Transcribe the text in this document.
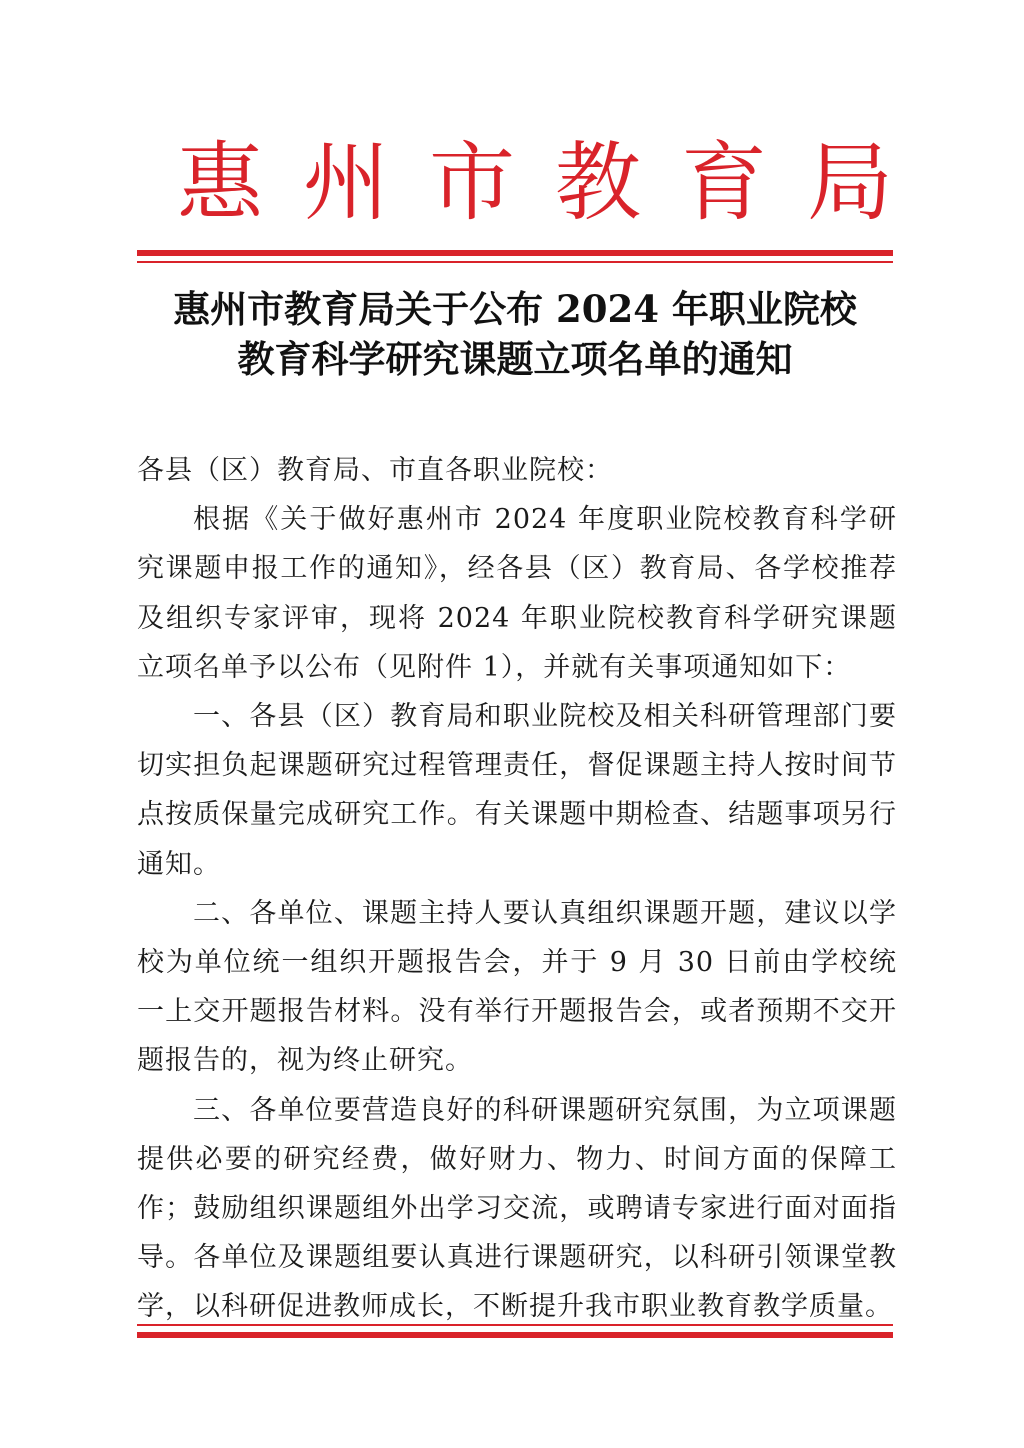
惠州市教育局
惠州市教育局关于公布 2024 年职业院校
教育科学研究课题立项名单的通知

各县（区）教育局、市直各职业院校：

根据《关于做好惠州市 2024 年度职业院校教育科学研究课题申报工作的通知》，经各县（区）教育局、各学校推荐及组织专家评审，现将 2024 年职业院校教育科学研究课题立项名单予以公布（见附件 1），并就有关事项通知如下：

一、各县（区）教育局和职业院校及相关科研管理部门要切实担负起课题研究过程管理责任，督促课题主持人按时间节点按质保量完成研究工作。有关课题中期检查、结题事项另行通知。

二、各单位、课题主持人要认真组织课题开题，建议以学校为单位统一组织开题报告会，并于 9 月 30 日前由学校统一上交开题报告材料。没有举行开题报告会，或者预期不交开题报告的，视为终止研究。

三、各单位要营造良好的科研课题研究氛围，为立项课题提供必要的研究经费，做好财力、物力、时间方面的保障工作；鼓励组织课题组外出学习交流，或聘请专家进行面对面指导。各单位及课题组要认真进行课题研究，以科研引领课堂教学，以科研促进教师成长，不断提升我市职业教育教学质量。
